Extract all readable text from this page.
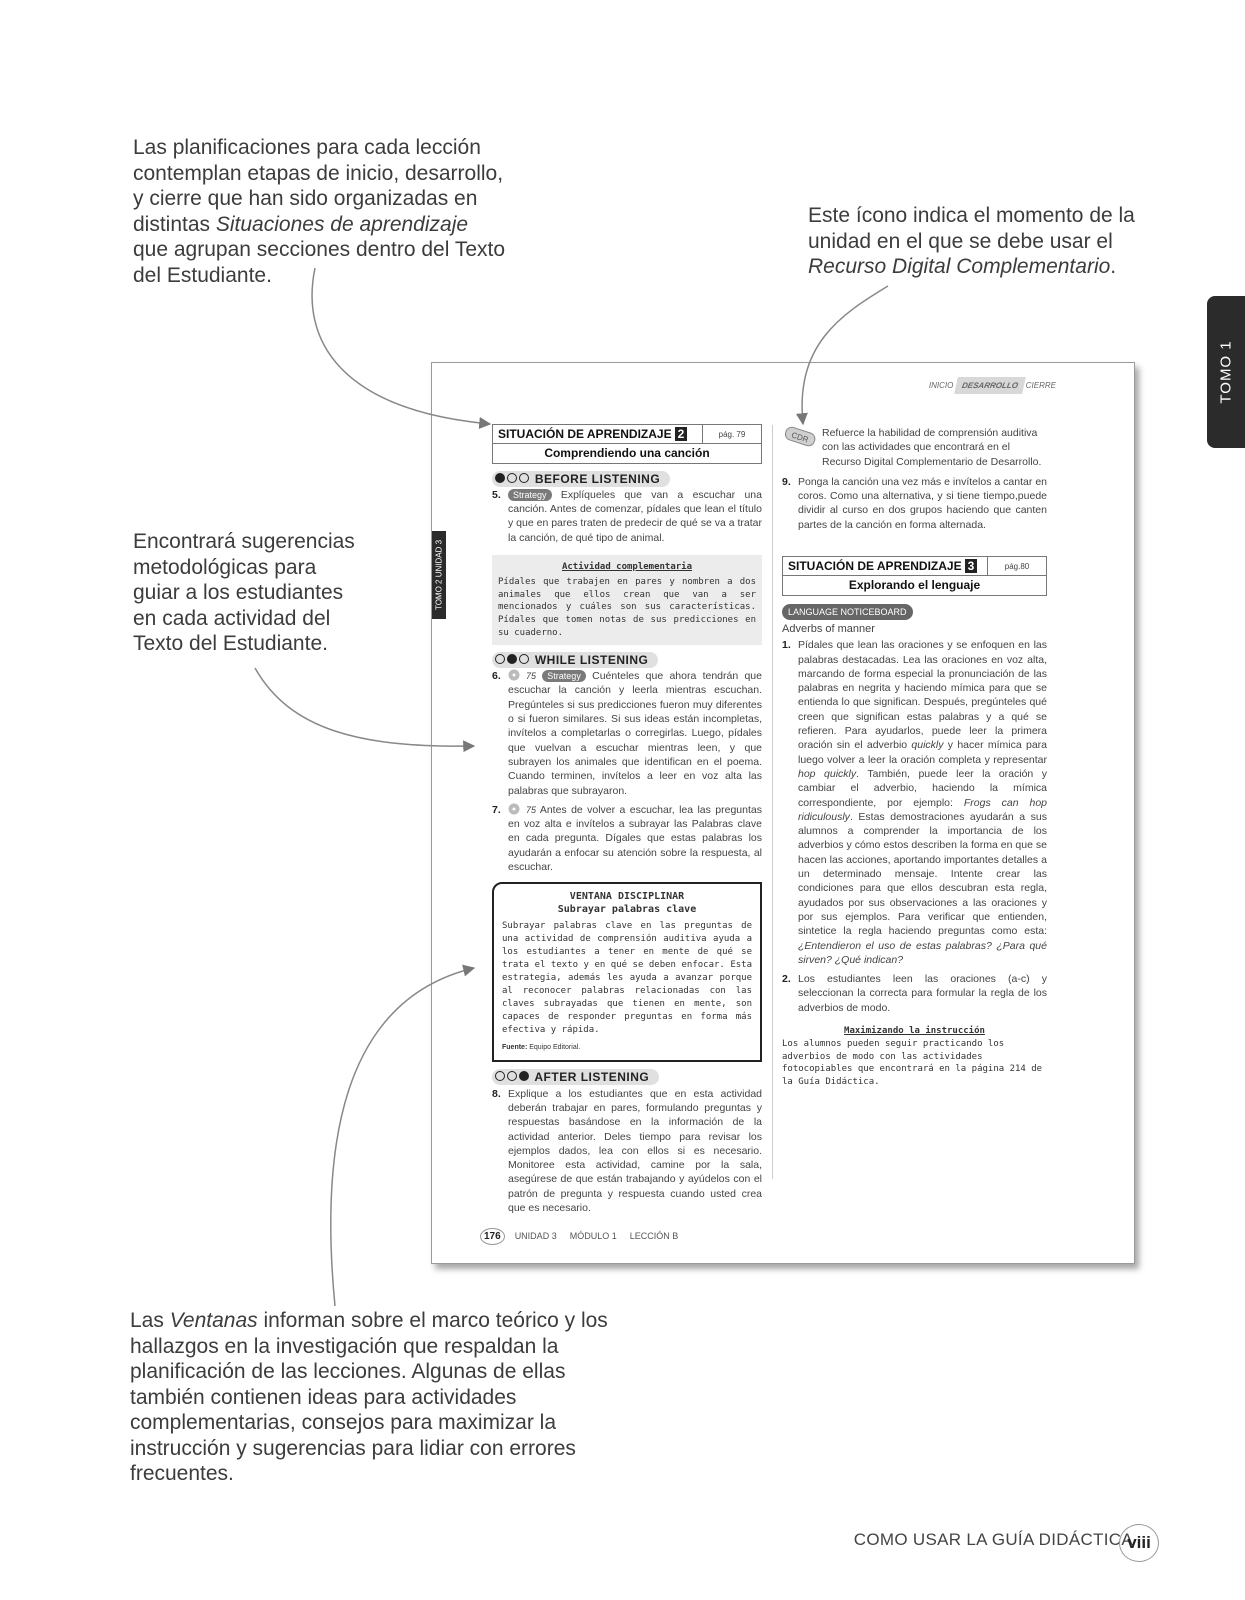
Las planificaciones para cada lección contemplan etapas de inicio, desarrollo, y cierre que han sido organizadas en distintas Situaciones de aprendizaje que agrupan secciones dentro del Texto del Estudiante.

Este ícono indica el momento de la unidad en el que se debe usar el Recurso Digital Complementario.

Encontrará sugerencias metodológicas para guiar a los estudiantes en cada actividad del Texto del Estudiante.

Las Ventanas informan sobre el marco teórico y los hallazgos en la investigación que respaldan la planificación de las lecciones. Algunas de ellas también contienen ideas para actividades complementarias, consejos para maximizar la instrucción y sugerencias para lidiar con errores frecuentes.

TOMO 1
INICIO DESARROLLO CIERRE
TOMO 2 UNIDAD 3
SITUACIÓN DE APRENDIZAJE 2	pág. 79
Comprendiendo una canción
BEFORE LISTENING
5.	Strategy Explíqueles que van a escuchar una canción. Antes de comenzar, pídales que lean el título y que en pares traten de predecir de qué se va a tratar la canción, de qué tipo de animal.
Actividad complementaria
Pídales que trabajen en pares y nombren a dos animales que ellos crean que van a ser mencionados y cuáles son sus características. Pídales que tomen notas de sus predicciones en su cuaderno.
WHILE LISTENING
6.	75 Strategy Cuénteles que ahora tendrán que escuchar la canción y leerla mientras escuchan. Pregúnteles si sus predicciones fueron muy diferentes o si fueron similares. Si sus ideas están incompletas, invítelos a completarlas o corregirlas. Luego, pídales que vuelvan a escuchar mientras leen, y que subrayen los animales que identifican en el poema. Cuando terminen, invítelos a leer en voz alta las palabras que subrayaron.
7.	75 Antes de volver a escuchar, lea las preguntas en voz alta e invítelos a subrayar las Palabras clave en cada pregunta. Dígales que estas palabras los ayudarán a enfocar su atención sobre la respuesta, al escuchar.
VENTANA DISCIPLINAR
Subrayar palabras clave
Subrayar palabras clave en las preguntas de una actividad de comprensión auditiva ayuda a los estudiantes a tener en mente de qué se trata el texto y en qué se deben enfocar. Esta estrategia, además les ayuda a avanzar porque al reconocer palabras relacionadas con las claves subrayadas que tienen en mente, son capaces de responder preguntas en forma más efectiva y rápida.
Fuente: Equipo Editorial.
AFTER LISTENING
8. Explique a los estudiantes que en esta actividad deberán trabajar en pares, formulando preguntas y respuestas basándose en la información de la actividad anterior. Deles tiempo para revisar los ejemplos dados, lea con ellos si es necesario. Monitoree esta actividad, camine por la sala, asegúrese de que están trabajando y ayúdelos con el patrón de pregunta y respuesta cuando usted crea que es necesario.
CDR Refuerce la habilidad de comprensión auditiva con las actividades que encontrará en el Recurso Digital Complementario de Desarrollo.
9. Ponga la canción una vez más e invítelos a cantar en coros. Como una alternativa, y si tiene tiempo,puede dividir al curso en dos grupos haciendo que canten partes de la canción en forma alternada.
SITUACIÓN DE APRENDIZAJE 3	pág.80
Explorando el lenguaje
LANGUAGE NOTICEBOARD
Adverbs of manner
1. Pídales que lean las oraciones y se enfoquen en las palabras destacadas. Lea las oraciones en voz alta, marcando de forma especial la pronunciación de las palabras en negrita y haciendo mímica para que se entienda lo que significan. Después, pregúnteles qué creen que significan estas palabras y a qué se refieren. Para ayudarlos, puede leer la primera oración sin el adverbio quickly y hacer mímica para luego volver a leer la oración completa y representar hop quickly. También, puede leer la oración y cambiar el adverbio, haciendo la mímica correspondiente, por ejemplo: Frogs can hop ridiculously. Estas demostraciones ayudarán a sus alumnos a comprender la importancia de los adverbios y cómo estos describen la forma en que se hacen las acciones, aportando importantes detalles a un determinado mensaje. Intente crear las condiciones para que ellos descubran esta regla, ayudados por sus observaciones a las oraciones y por sus ejemplos. Para verificar que entienden, sintetice la regla haciendo preguntas como esta: ¿Entendieron el uso de estas palabras? ¿Para qué sirven? ¿Qué indican?
2. Los estudiantes leen las oraciones (a-c) y seleccionan la correcta para formular la regla de los adverbios de modo.
Maximizando la instrucción
Los alumnos pueden seguir practicando los adverbios de modo con las actividades fotocopiables que encontrará en la página 214 de la Guía Didáctica.
176 UNIDAD 3 MÓDULO 1 LECCIÓN B
COMO USAR LA GUÍA DIDÁCTICA
viii
